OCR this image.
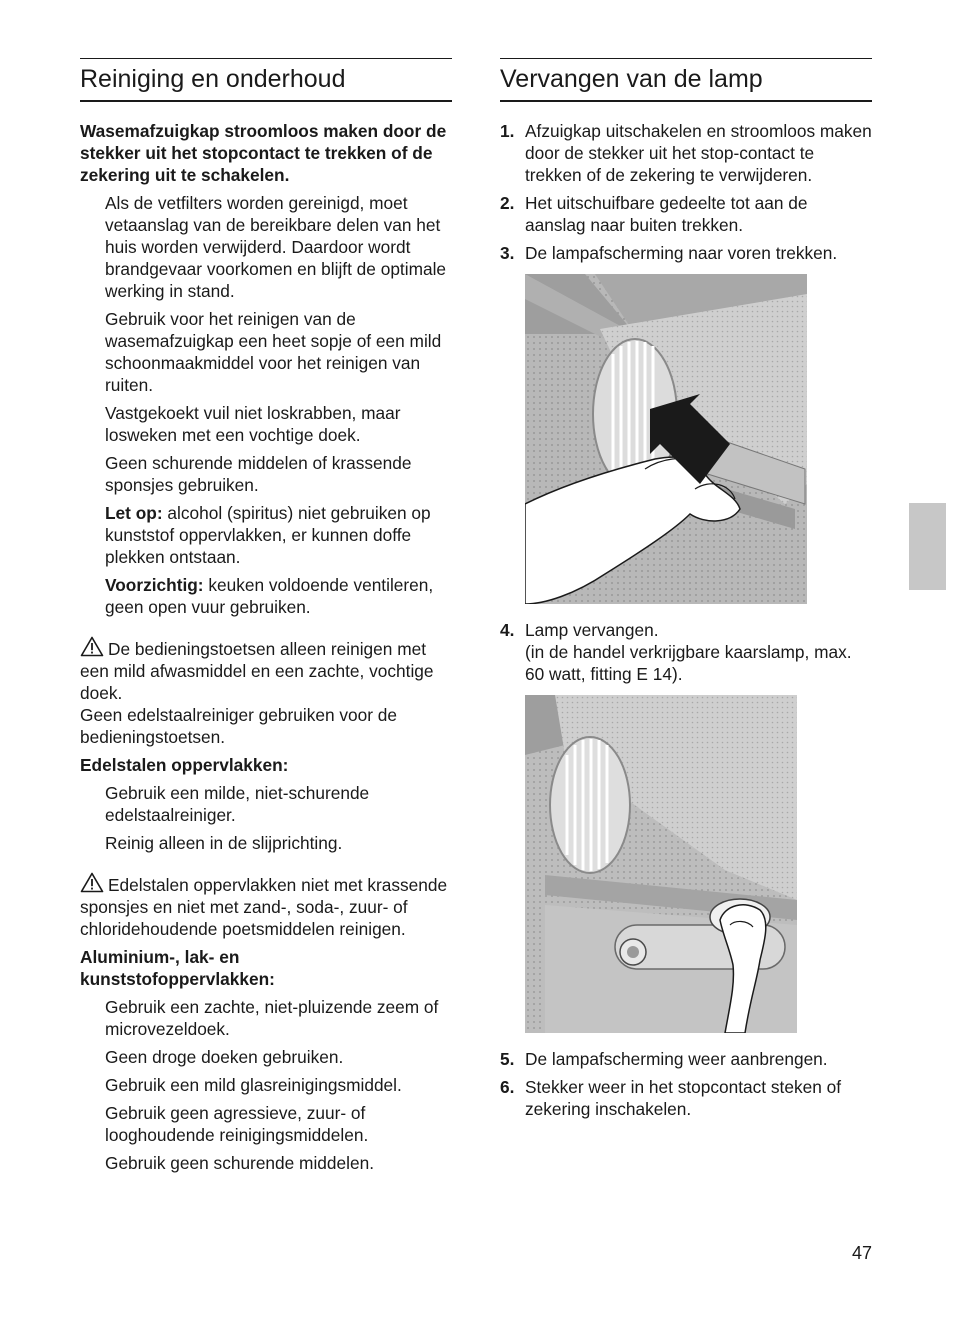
Reiniging en onderhoud

Wasemafzuigkap stroomloos maken door de stekker uit het stopcontact te trekken of de zekering uit te schakelen.

Als de vetfilters worden gereinigd, moet vetaanslag van de bereikbare delen van het huis worden verwijderd. Daardoor wordt brandgevaar voorkomen en blijft de optimale werking in stand.

Gebruik voor het reinigen van de wasemafzuigkap een heet sopje of een mild schoonmaakmiddel voor het reinigen van ruiten.

Vastgekoekt vuil niet loskrabben, maar losweken met een vochtige doek.

Geen schurende middelen of krassende sponsjes gebruiken.

Let op: alcohol (spiritus) niet gebruiken op kunststof oppervlakken, er kunnen doffe plekken ontstaan.

Voorzichtig: keuken voldoende ventileren, geen open vuur gebruiken.

De bedieningstoetsen alleen reinigen met een mild afwasmiddel en een zachte, vochtige doek.
Geen edelstaalreiniger gebruiken voor de bedieningstoetsen.
Edelstalen oppervlakken:

Gebruik een milde, niet-schurende edelstaalreiniger.

Reinig alleen in de slijprichting.

Edelstalen oppervlakken niet met krassende sponsjes en niet met zand-, soda-, zuur- of chloridehoudende poetsmiddelen reinigen.
Aluminium-, lak- en
kunststofoppervlakken:

Gebruik een zachte, niet-pluizende zeem of microvezeldoek.

Geen droge doeken gebruiken.

Gebruik een mild glasreinigingsmiddel.

Gebruik geen agressieve, zuur- of looghoudende reinigingsmiddelen.

Gebruik geen schurende middelen.

Vervangen van de lamp
1. Afzuigkap uitschakelen en stroomloos maken door de stekker uit het stop-contact te trekken of de zekering te verwijderen.
2. Het uitschuifbare gedeelte tot aan de aanslag naar buiten trekken.
3. De lampafscherming naar voren trekken.
4. Lamp vervangen.
(in de handel verkrijgbare kaarslamp, max. 60 watt, fitting E 14).
5. De lampafscherming weer aanbrengen.
6. Stekker weer in het stopcontact steken of zekering inschakelen.
47
